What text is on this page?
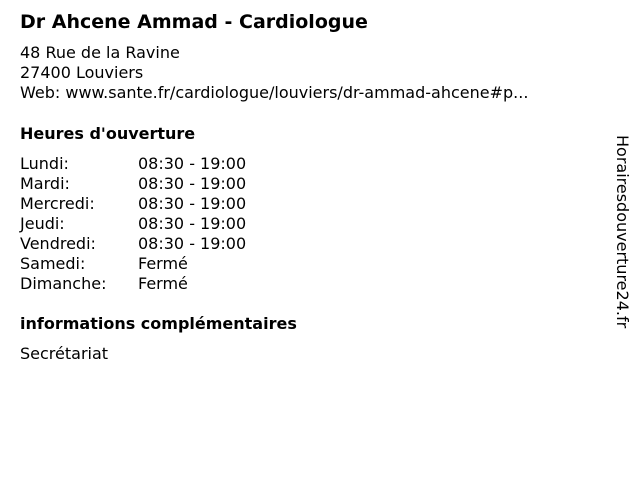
Dr Ahcene Ammad - Cardiologue
48 Rue de la Ravine
27400 Louviers
Web: www.sante.fr/cardiologue/louviers/dr-ammad-ahcene#p...
Heures d'ouverture
Lundi:	08:30 - 19:00
Mardi:	08:30 - 19:00
Mercredi:	08:30 - 19:00
Jeudi:	08:30 - 19:00
Vendredi:	08:30 - 19:00
Samedi:	Fermé
Dimanche: Fermé
informations complémentaires
Secrétariat
Horairesdouverture24.fr
